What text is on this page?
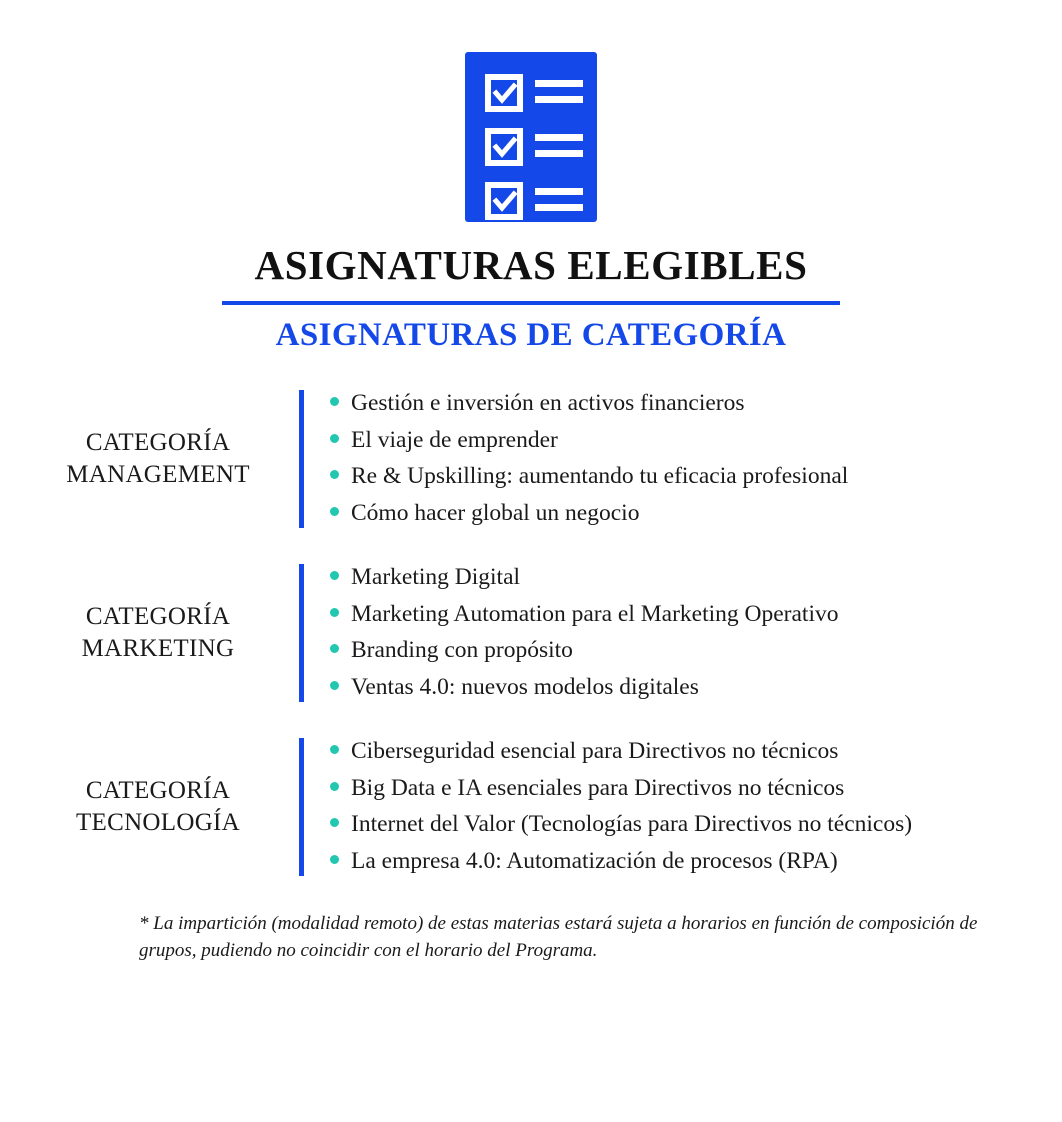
ASIGNATURAS ELEGIBLES
ASIGNATURAS DE CATEGORÍA
CATEGORÍA
MANAGEMENT
Gestión e inversión en activos financieros
El viaje de emprender
Re & Upskilling: aumentando tu eficacia profesional
Cómo hacer global un negocio
CATEGORÍA
MARKETING
Marketing Digital
Marketing Automation para el Marketing Operativo
Branding con propósito
Ventas 4.0: nuevos modelos digitales
CATEGORÍA
TECNOLOGÍA
Ciberseguridad esencial para Directivos no técnicos
Big Data e IA esenciales para Directivos no técnicos
Internet del Valor (Tecnologías para Directivos no técnicos)
La empresa 4.0: Automatización de procesos (RPA)
* La impartición (modalidad remoto) de estas materias estará sujeta a horarios en función de composición de grupos, pudiendo no coincidir con el horario del Programa.
